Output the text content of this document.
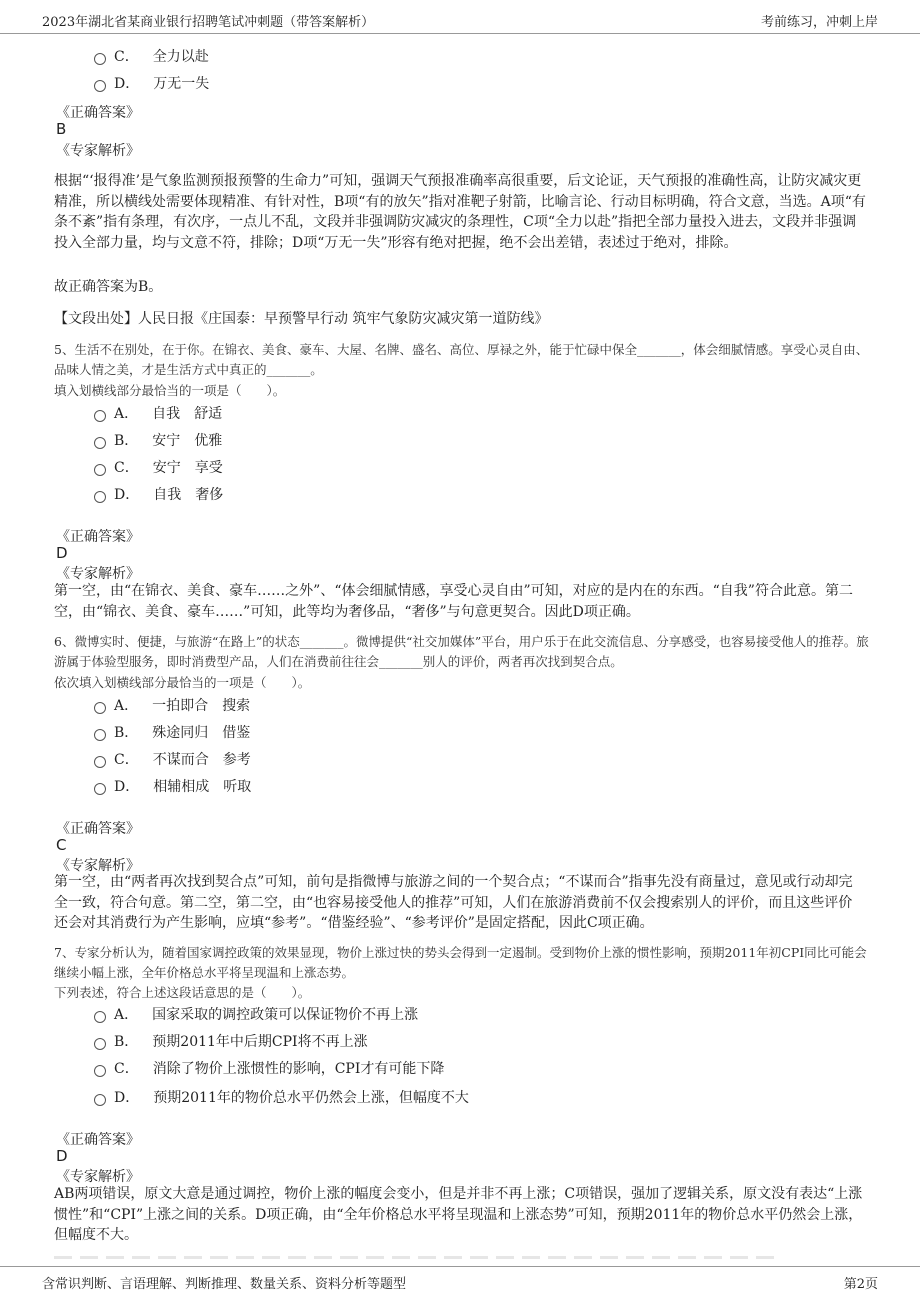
2023年湖北省某商业银行招聘笔试冲刺题（带答案解析）	考前练习，冲刺上岸
C． 全力以赴
D． 万无一失
《正确答案》
B
《专家解析》
根据“‘报得准’是气象监测预报预警的生命力”可知，强调天气预报准确率高很重要，后文论证，天气预报的准确性高，让防灾减灾更精准，所以横线处需要体现精准、有针对性，B项“有的放矢”指对准靶子射箭，比喻言论、行动目标明确，符合文意，当选。A项“有条不紊”指有条理，有次序，一点儿不乱，文段并非强调防灾减灾的条理性，C项“全力以赴”指把全部力量投入进去，文段并非强调投入全部力量，均与文意不符，排除；D项“万无一失”形容有绝对把握，绝不会出差错，表述过于绝对，排除。
故正确答案为B。
【文段出处】人民日报《庄国泰：早预警早行动 筑牢气象防灾减灾第一道防线》
5、生活不在别处，在于你。在锦衣、美食、豪车、大屋、名牌、盛名、高位、厚禄之外，能于忙碌中保全_______，体会细腻情感。享受心灵自由、品味人情之美，才是生活方式中真正的_______。
填入划横线部分最恰当的一项是（　　）。
A． 自我　舒适
B． 安宁　优雅
C． 安宁　享受
D． 自我　奢侈
《正确答案》
D
《专家解析》
第一空，由“在锦衣、美食、豪车……之外”、“体会细腻情感，享受心灵自由”可知，对应的是内在的东西。“自我”符合此意。第二空，由“锦衣、美食、豪车……”可知，此等均为奢侈品，“奢侈”与句意更契合。因此D项正确。
6、微博实时、便捷，与旅游“在路上”的状态_______。微博提供“社交加媒体”平台，用户乐于在此交流信息、分享感受，也容易接受他人的推荐。旅游属于体验型服务，即时消费型产品，人们在消费前往往会_______别人的评价，两者再次找到契合点。
依次填入划横线部分最恰当的一项是（　　）。
A． 一拍即合　搜索
B． 殊途同归　借鉴
C． 不谋而合　参考
D． 相辅相成　听取
《正确答案》
C
《专家解析》
第一空，由“两者再次找到契合点”可知，前句是指微博与旅游之间的一个契合点；“不谋而合”指事先没有商量过，意见或行动却完全一致，符合句意。第二空，第二空，由“也容易接受他人的推荐”可知，人们在旅游消费前不仅会搜索别人的评价，而且这些评价还会对其消费行为产生影响，应填“参考”。“借鉴经验”、“参考评价”是固定搭配，因此C项正确。
7、专家分析认为，随着国家调控政策的效果显现，物价上涨过快的势头会得到一定遏制。受到物价上涨的惯性影响，预期2011年初CPI同比可能会继续小幅上涨，全年价格总水平将呈现温和上涨态势。
下列表述，符合上述这段话意思的是（　　）。
A． 国家采取的调控政策可以保证物价不再上涨
B． 预期2011年中后期CPI将不再上涨
C． 消除了物价上涨惯性的影响，CPI才有可能下降
D． 预期2011年的物价总水平仍然会上涨，但幅度不大
《正确答案》
D
《专家解析》
AB两项错误，原文大意是通过调控，物价上涨的幅度会变小，但是并非不再上涨；C项错误，强加了逻辑关系，原文没有表达“上涨惯性”和“CPI”上涨之间的关系。D项正确，由“全年价格总水平将呈现温和上涨态势”可知，预期2011年的物价总水平仍然会上涨，但幅度不大。
含常识判断、言语理解、判断推理、数量关系、资料分析等题型	第2页
